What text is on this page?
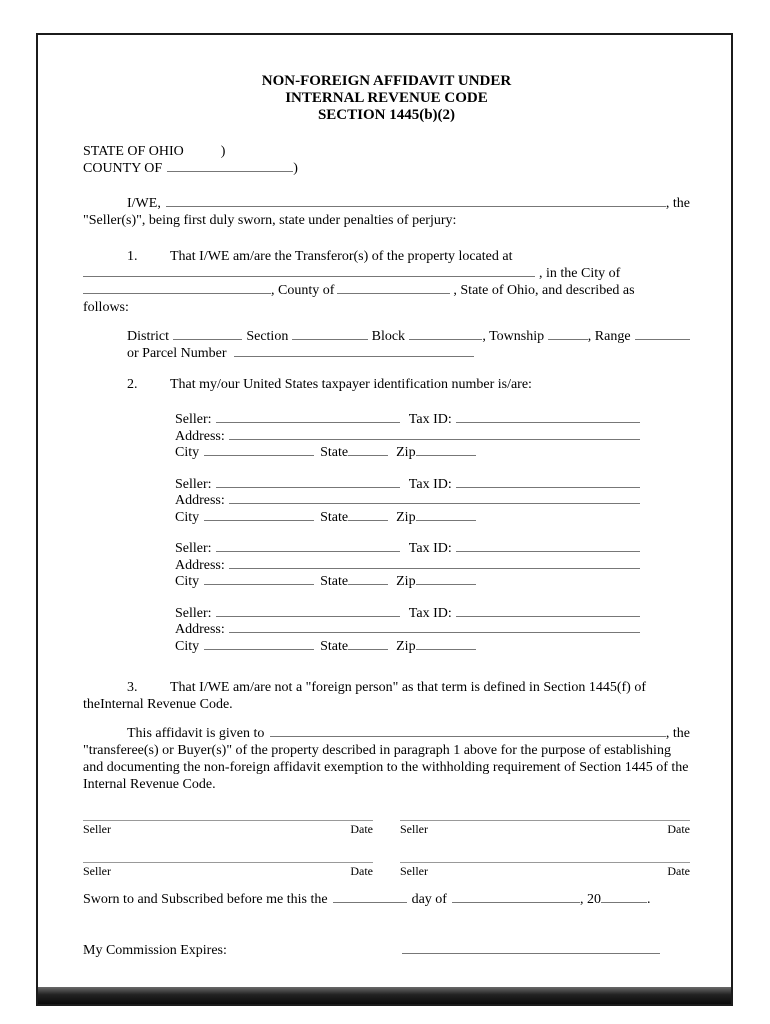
NON-FOREIGN AFFIDAVIT UNDER
INTERNAL REVENUE CODE
SECTION 1445(b)(2)
STATE OF OHIO	)
COUNTY OF	)
I/WE,	, the
"Seller(s)", being first duly sworn, state under penalties of perjury:
1.	That I/WE am/are the Transferor(s) of the property located at
, in the City of
, County of	, State of Ohio, and described as
follows:
District	Section	Block	, Township	, Range
or Parcel Number
2.	That my/our United States taxpayer identification number is/are:
Seller:	Tax ID:
Address:
City	State	Zip
Seller:	Tax ID:
Address:
City	State	Zip
Seller:	Tax ID:
Address:
City	State	Zip
Seller:	Tax ID:
Address:
City	State	Zip
3.	That I/WE am/are not a "foreign person" as that term is defined in Section 1445(f) of
theInternal Revenue Code.
This affidavit is given to	, the
"transferee(s) or Buyer(s)" of the property described in paragraph 1 above for the purpose of establishing and documenting the non-foreign affidavit exemption to the withholding requirement of Section 1445 of the Internal Revenue Code.
Seller	Date Seller	Date
Seller	Date Seller	Date
Sworn to and Subscribed before me this the	day of	, 20	.
My Commission Expires:
